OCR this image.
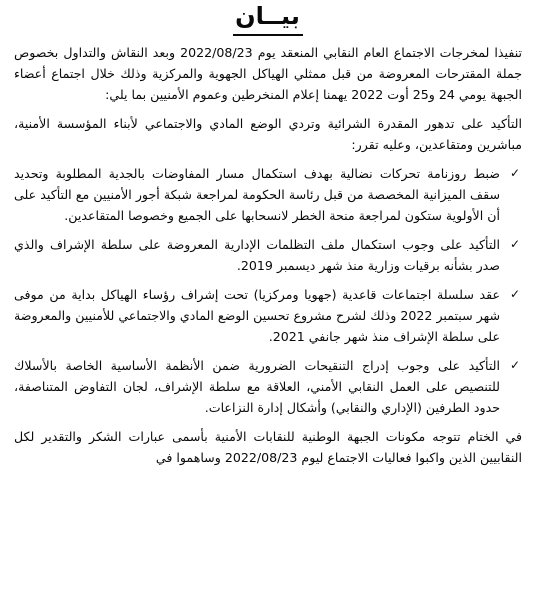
بيــان

تنفيذا لمخرجات الاجتماع العام النقابي المنعقد يوم 2022/08/23 وبعد النقاش والتداول بخصوص جملة المقترحات المعروضة من قبل ممثلي الهياكل الجهوية والمركزية وذلك خلال اجتماع أعضاء الجبهة يومي 24 و25 أوت 2022 يهمنا إعلام المنخرطين وعموم الأمنيين بما يلي:

التأكيد على تدهور المقدرة الشرائية وتردي الوضع المادي والاجتماعي لأبناء المؤسسة الأمنية، مباشرين ومتقاعدين، وعليه تقرر:

✓
ضبط روزنامة تحركات نضالية بهدف استكمال مسار المفاوضات بالجدية المطلوبة وتحديد سقف الميزانية المخصصة من قبل رئاسة الحكومة لمراجعة شبكة أجور الأمنيين مع التأكيد على أن الأولوية ستكون لمراجعة منحة الخطر لانسحابها على الجميع وخصوصا المتقاعدين.
✓
التأكيد على وجوب استكمال ملف التظلمات الإدارية المعروضة على سلطة الإشراف والذي صدر بشأنه برقيات وزارية منذ شهر ديسمبر 2019.
✓
عقد سلسلة اجتماعات قاعدية (جهويا ومركزيا) تحت إشراف رؤساء الهياكل بداية من موفى شهر سبتمبر 2022 وذلك لشرح مشروع تحسين الوضع المادي والاجتماعي للأمنيين والمعروضة على سلطة الإشراف منذ شهر جانفي 2021.
✓
التأكيد على وجوب إدراج التنقيحات الضرورية ضمن الأنظمة الأساسية الخاصة بالأسلاك للتنصيص على العمل النقابي الأمني، العلاقة مع سلطة الإشراف، لجان التفاوض المتناصفة، حدود الطرفين (الإداري والنقابي) وأشكال إدارة النزاعات.

في الختام تتوجه مكونات الجبهة الوطنية للنقابات الأمنية بأسمى عبارات الشكر والتقدير لكل النقابيين الذين واكبوا فعاليات الاجتماع ليوم 2022/08/23 وساهموا في
